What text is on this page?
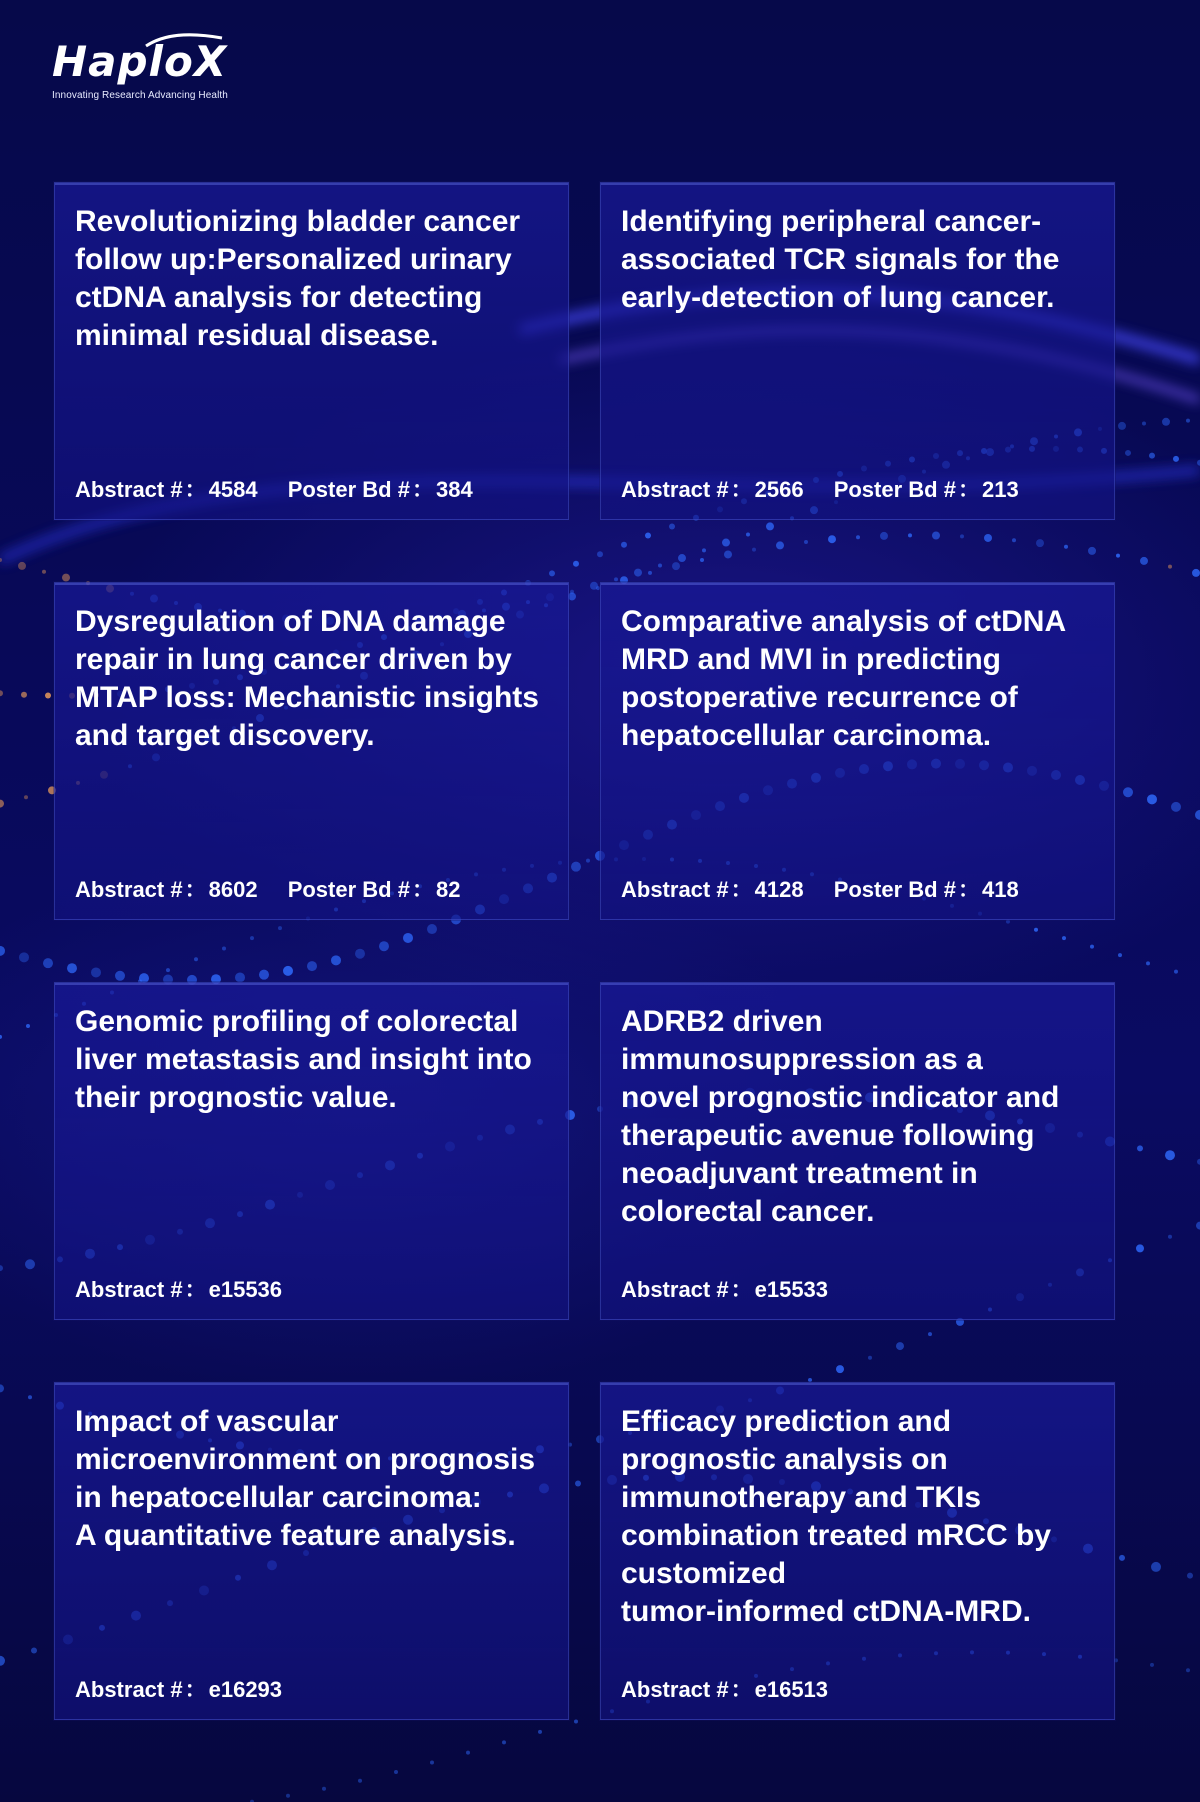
HaploX
Innovating Research Advancing Health
Revolutionizing bladder cancer
follow up:Personalized urinary
ctDNA analysis for detecting
minimal residual disease.
Abstract #：4584 Poster Bd #：384
Identifying peripheral cancer-
associated TCR signals for the
early-detection of lung cancer.
Abstract #：2566 Poster Bd #：213
Dysregulation of DNA damage
repair in lung cancer driven by
MTAP loss: Mechanistic insights
and target discovery.
Abstract #：8602 Poster Bd #：82
Comparative analysis of ctDNA
MRD and MVI in predicting
postoperative recurrence of
hepatocellular carcinoma.
Abstract #：4128 Poster Bd #：418
Genomic profiling of colorectal
liver metastasis and insight into
their prognostic value.
Abstract #：e15536
ADRB2 driven
immunosuppression as a
novel prognostic indicator and
therapeutic avenue following
neoadjuvant treatment in
colorectal cancer.
Abstract #：e15533
Impact of vascular
microenvironment on prognosis
in hepatocellular carcinoma:
A quantitative feature analysis.
Abstract #：e16293
Efficacy prediction and
prognostic analysis on
immunotherapy and TKIs
combination treated mRCC by
customized
tumor-informed ctDNA-MRD.
Abstract #：e16513
